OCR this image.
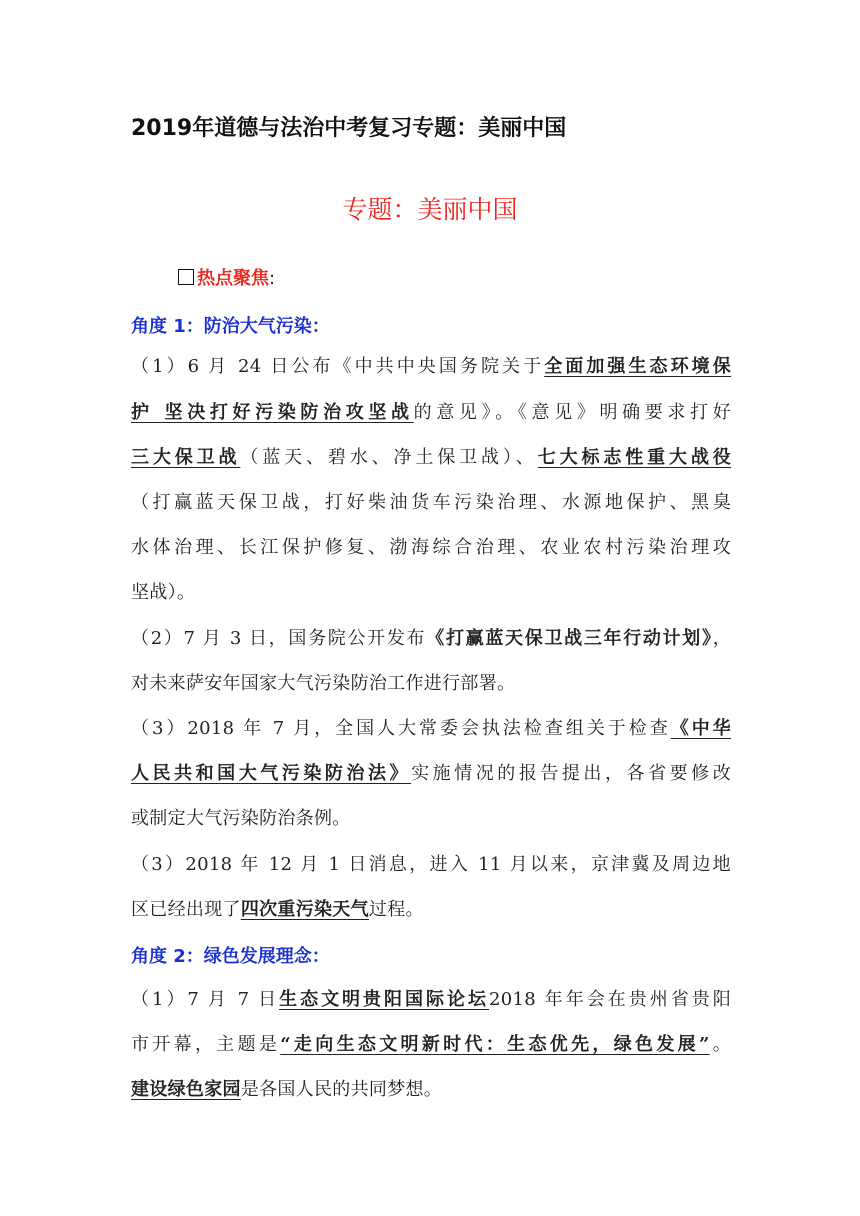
2019年道德与法治中考复习专题：美丽中国
专题：美丽中国
热点聚焦:
角度 1：防治大气污染：
（1）6 月 24 日公布《中共中央国务院关于全面加强生态环境保
护 坚决打好污染防治攻坚战的意见》。《意见》明确要求打好
三大保卫战（蓝天、碧水、净土保卫战）、七大标志性重大战役
（打赢蓝天保卫战，打好柴油货车污染治理、水源地保护、黑臭
水体治理、长江保护修复、渤海综合治理、农业农村污染治理攻
坚战）。
（2）7 月 3 日，国务院公开发布《打赢蓝天保卫战三年行动计划》，
对未来萨安年国家大气污染防治工作进行部署。
（3）2018 年 7 月，全国人大常委会执法检查组关于检查《中华
人民共和国大气污染防治法》实施情况的报告提出，各省要修改
或制定大气污染防治条例。
（3）2018 年 12 月 1 日消息，进入 11 月以来，京津冀及周边地
区已经出现了四次重污染天气过程。
角度 2：绿色发展理念：
（1）7 月 7 日生态文明贵阳国际论坛2018 年年会在贵州省贵阳
市开幕，主题是“走向生态文明新时代：生态优先，绿色发展”。
建设绿色家园是各国人民的共同梦想。
